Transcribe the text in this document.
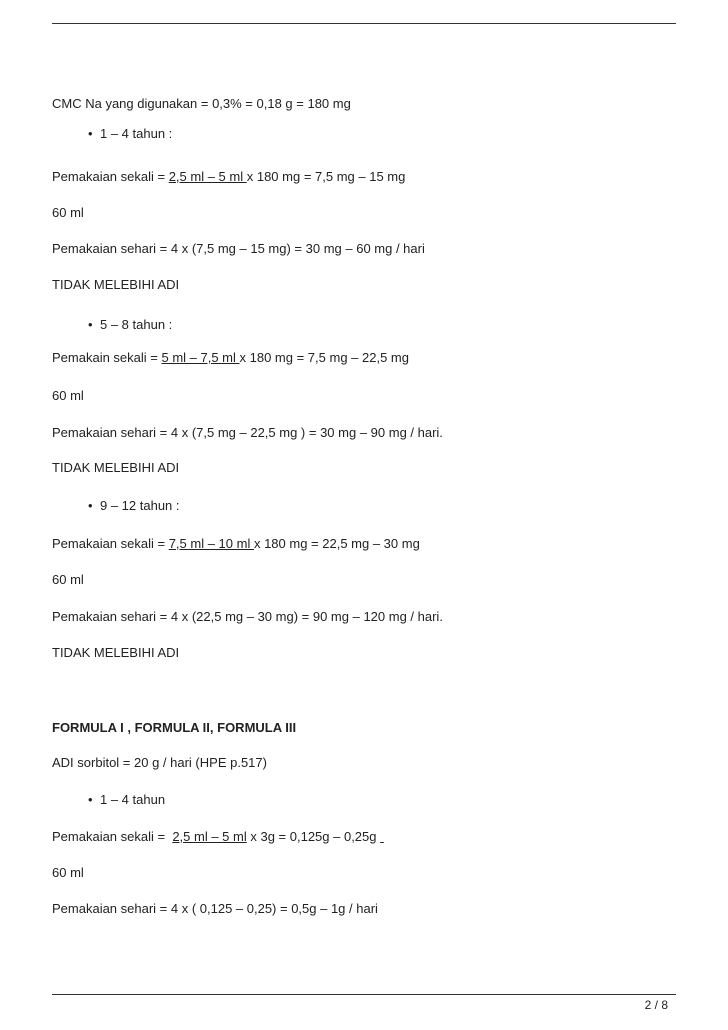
CMC Na yang digunakan = 0,3% = 0,18 g = 180 mg
• 1 – 4 tahun :
Pemakaian sekali = 2,5 ml – 5 ml x 180 mg = 7,5 mg – 15 mg
60 ml
Pemakaian sehari = 4 x (7,5 mg – 15 mg) = 30 mg – 60 mg / hari
TIDAK MELEBIHI ADI
• 5 – 8 tahun :
Pemakain sekali = 5 ml – 7,5 ml x 180 mg = 7,5 mg – 22,5 mg
60 ml
Pemakaian sehari = 4 x (7,5 mg – 22,5 mg ) = 30 mg – 90 mg / hari.
TIDAK MELEBIHI ADI
• 9 – 12 tahun :
Pemakaian sekali = 7,5 ml – 10 ml x 180 mg = 22,5 mg – 30 mg
60 ml
Pemakaian sehari = 4 x (22,5 mg – 30 mg) = 90 mg – 120 mg / hari.
TIDAK MELEBIHI ADI
FORMULA I , FORMULA II, FORMULA III
ADI sorbitol = 20 g / hari (HPE p.517)
• 1 – 4 tahun
Pemakaian sekali =  2,5 ml – 5 ml x 3g = 0,125g – 0,25g
60 ml
Pemakaian sehari = 4 x ( 0,125 – 0,25) = 0,5g – 1g / hari
2 / 8
